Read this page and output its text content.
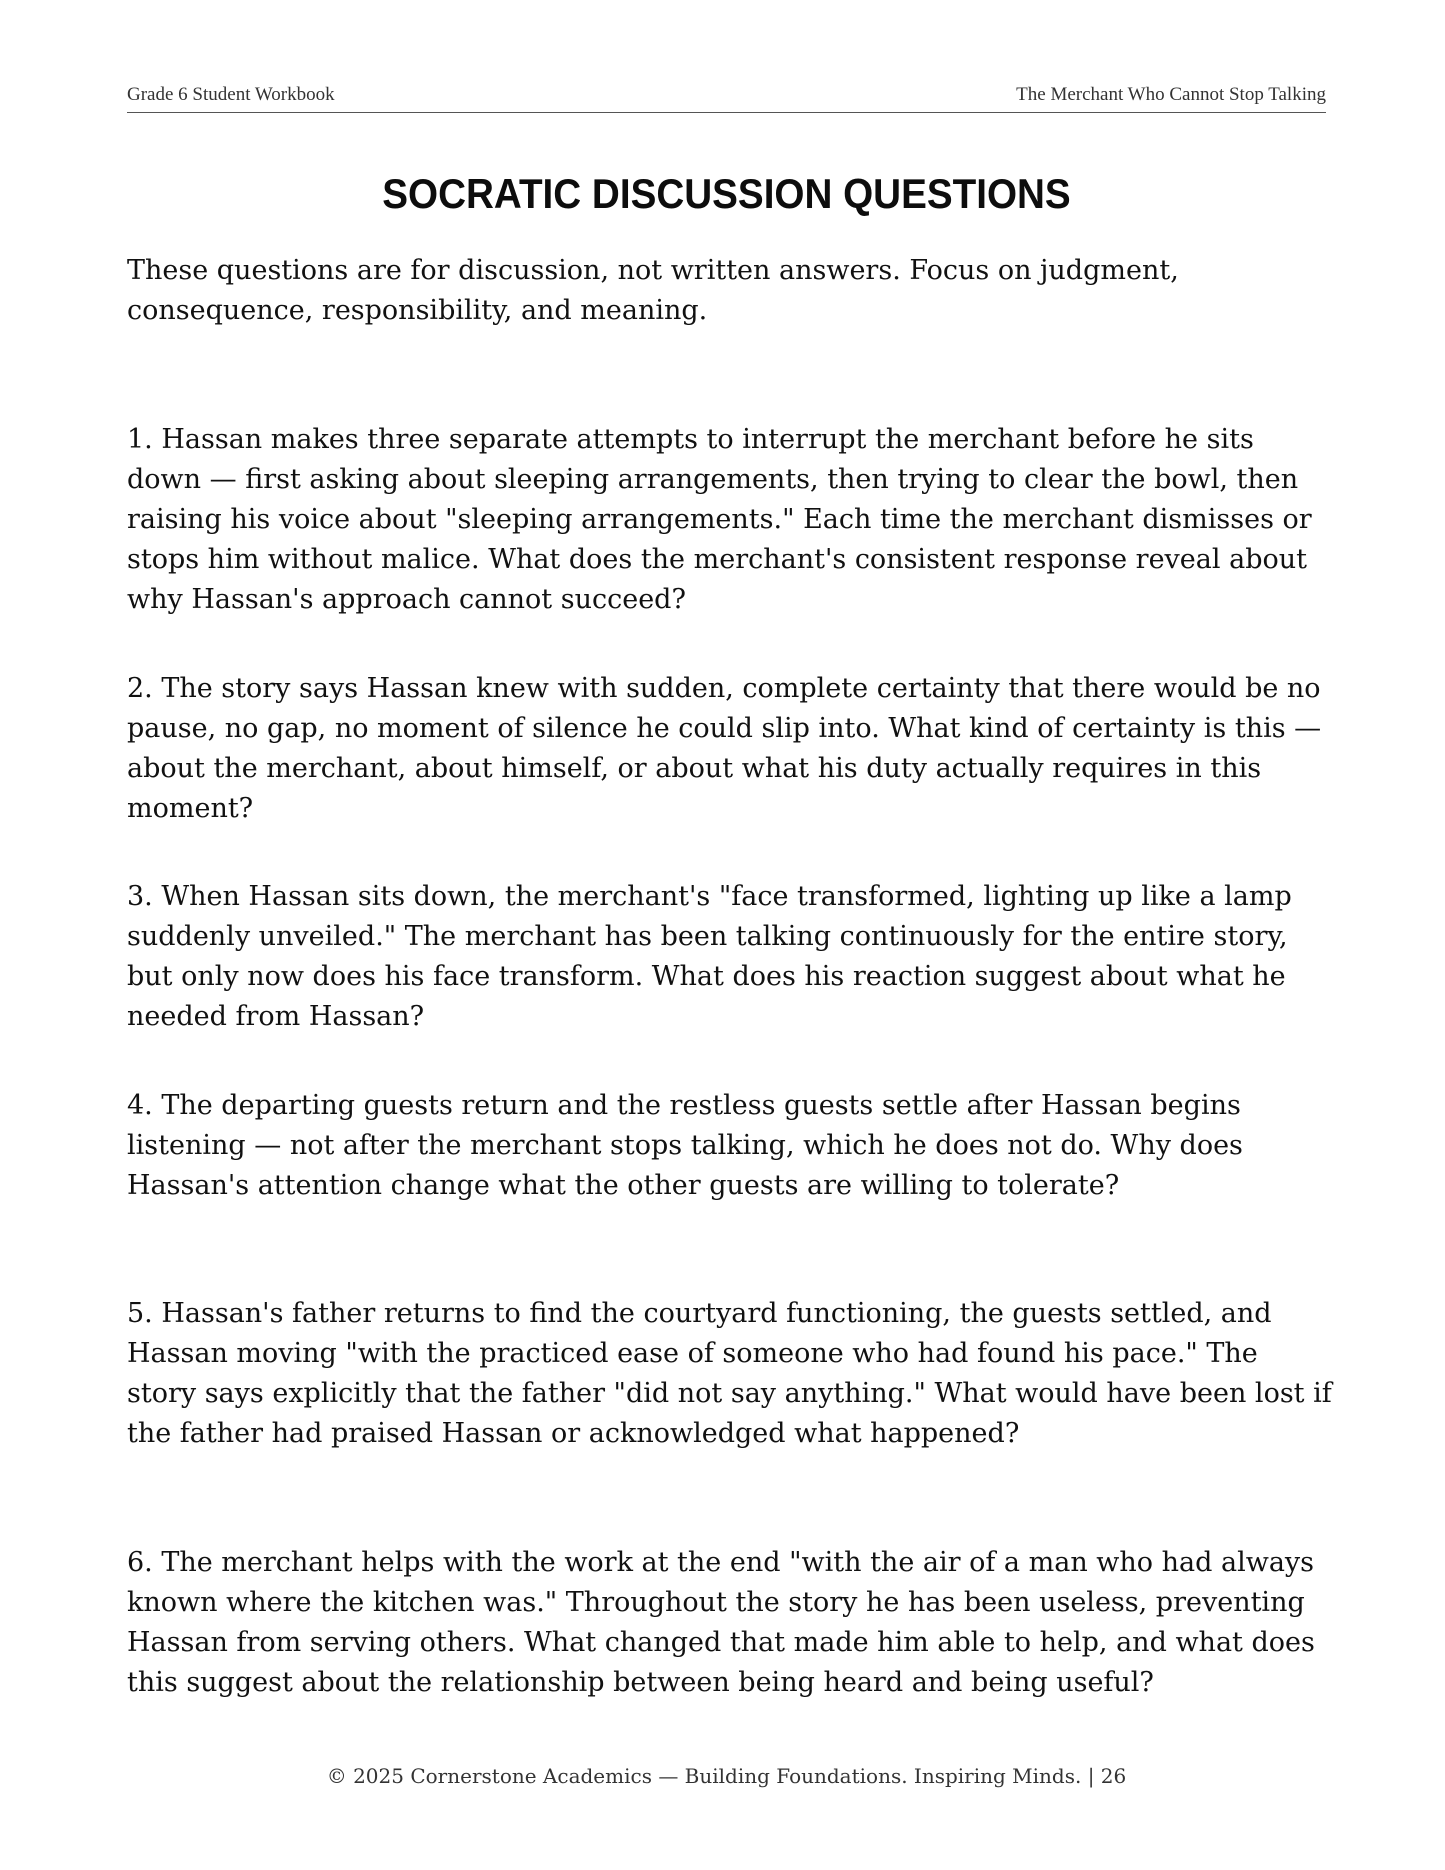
Grade 6 Student Workbook	The Merchant Who Cannot Stop Talking
SOCRATIC DISCUSSION QUESTIONS
These questions are for discussion, not written answers. Focus on judgment, consequence, responsibility, and meaning.
1. Hassan makes three separate attempts to interrupt the merchant before he sits down — first asking about sleeping arrangements, then trying to clear the bowl, then raising his voice about "sleeping arrangements." Each time the merchant dismisses or stops him without malice. What does the merchant's consistent response reveal about why Hassan's approach cannot succeed?
2. The story says Hassan knew with sudden, complete certainty that there would be no pause, no gap, no moment of silence he could slip into. What kind of certainty is this — about the merchant, about himself, or about what his duty actually requires in this moment?
3. When Hassan sits down, the merchant's "face transformed, lighting up like a lamp suddenly unveiled." The merchant has been talking continuously for the entire story, but only now does his face transform. What does his reaction suggest about what he needed from Hassan?
4. The departing guests return and the restless guests settle after Hassan begins listening — not after the merchant stops talking, which he does not do. Why does Hassan's attention change what the other guests are willing to tolerate?
5. Hassan's father returns to find the courtyard functioning, the guests settled, and Hassan moving "with the practiced ease of someone who had found his pace." The story says explicitly that the father "did not say anything." What would have been lost if the father had praised Hassan or acknowledged what happened?
6. The merchant helps with the work at the end "with the air of a man who had always known where the kitchen was." Throughout the story he has been useless, preventing Hassan from serving others. What changed that made him able to help, and what does this suggest about the relationship between being heard and being useful?
© 2025 Cornerstone Academics — Building Foundations. Inspiring Minds. | 26
